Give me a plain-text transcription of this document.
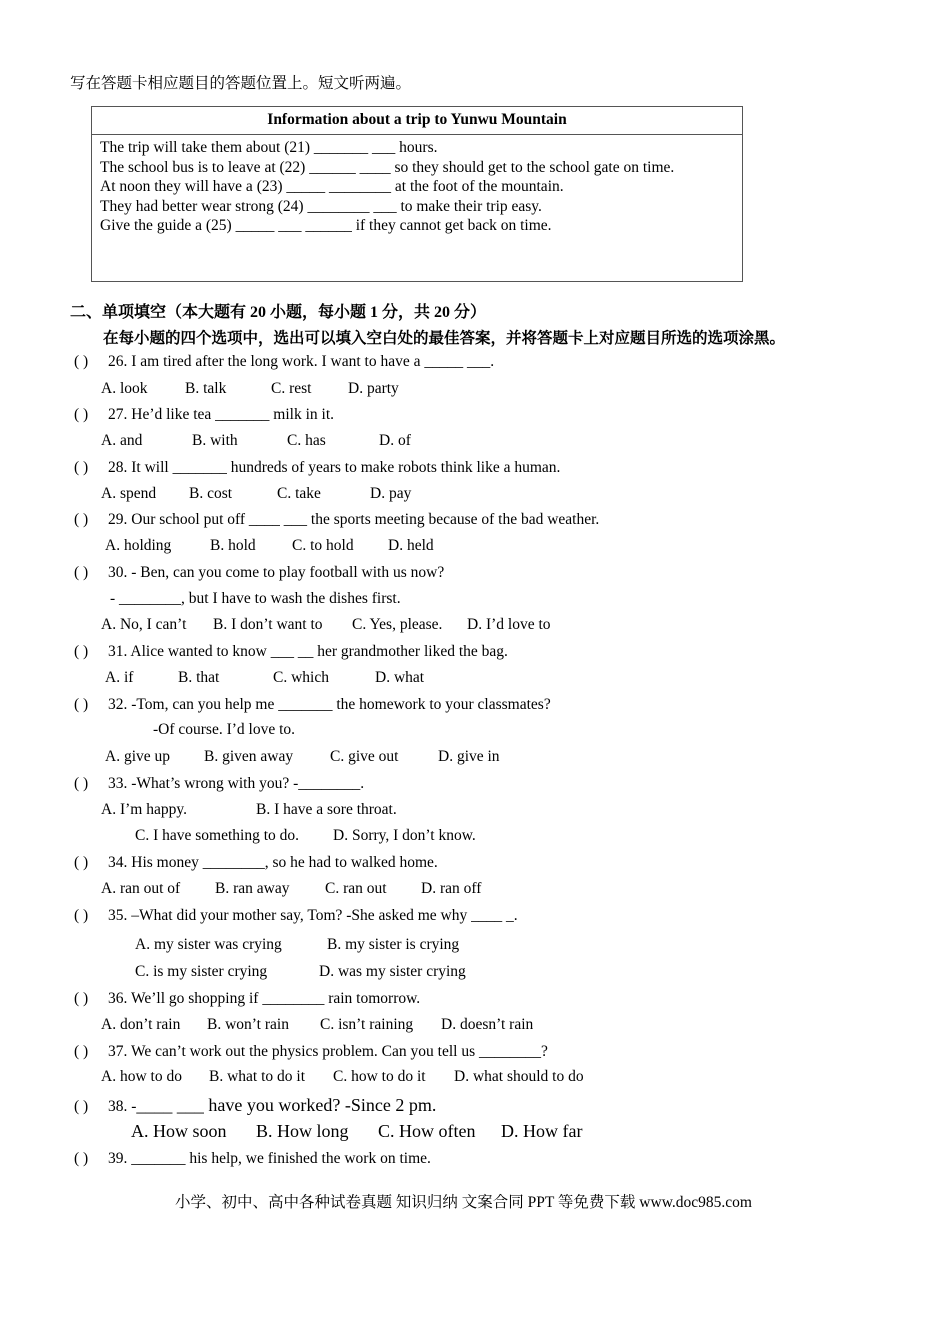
写在答题卡相应题目的答题位置上。短文听两遍。
Information about a trip to Yunwu Mountain
The trip will take them about (21) _______ ___ hours.
The school bus is to leave at (22) ______ ____ so they should get to the school gate on time.
At noon they will have a (23) _____ ________ at the foot of the mountain.
They had better wear strong (24) ________ ___ to make their trip easy.
Give the guide a (25) _____ ___ ______ if they cannot get back on time.
二、单项填空（本大题有 20 小题，每小题 1 分，共 20 分）
在每小题的四个选项中，选出可以填入空白处的最佳答案，并将答题卡上对应题目所选的选项涂黑。
( ) 26. I am tired after the long work. I want to have a _____ ___.
A. look B. talk	C. rest D. party
( ) 27. He’d like tea _______ milk in it.
A. and	B. with	C. has	D. of
( ) 28. It will _______ hundreds of years to make robots think like a human.
A. spend B. cost	C. take	D. pay
( ) 29. Our school put off ____ ___ the sports meeting because of the bad weather.
A. holding B. hold C. to hold D. held
( ) 30. - Ben, can you come to play football with us now?
- ________, but I have to wash the dishes first.
A. No, I can’t B. I don’t want to C. Yes, please. D. I’d love to
( ) 31. Alice wanted to know ___ __ her grandmother liked the bag.
A. if	B. that	C. which	D. what
( ) 32. -Tom, can you help me _______ the homework to your classmates?
-Of course. I’d love to.
A. give up B. given away C. give out	D. give in
( ) 33. -What’s wrong with you? -________.
A. I’m happy.	B. I have a sore throat.
C. I have something to do. D. Sorry, I don’t know.
( ) 34. His money ________, so he had to walked home.
A. ran out of B. ran away C. ran out D. ran off
( ) 35. –What did your mother say, Tom? -She asked me why ____ _.
A. my sister was crying	B. my sister is crying
C. is my sister crying	D. was my sister crying
( ) 36. We’ll go shopping if ________ rain tomorrow.
A. don’t rain B. won’t rain C. isn’t raining D. doesn’t rain
( ) 37. We can’t work out the physics problem. Can you tell us ________?
A. how to do B. what to do it C. how to do it D. what should to do
( ) 38. -____ ___ have you worked? -Since 2 pm.
A. How soon B. How long C. How often D. How far
( ) 39. _______ his help, we finished the work on time.
小学、初中、高中各种试卷真题 知识归纳 文案合同 PPT 等免费下载 www.doc985.com
